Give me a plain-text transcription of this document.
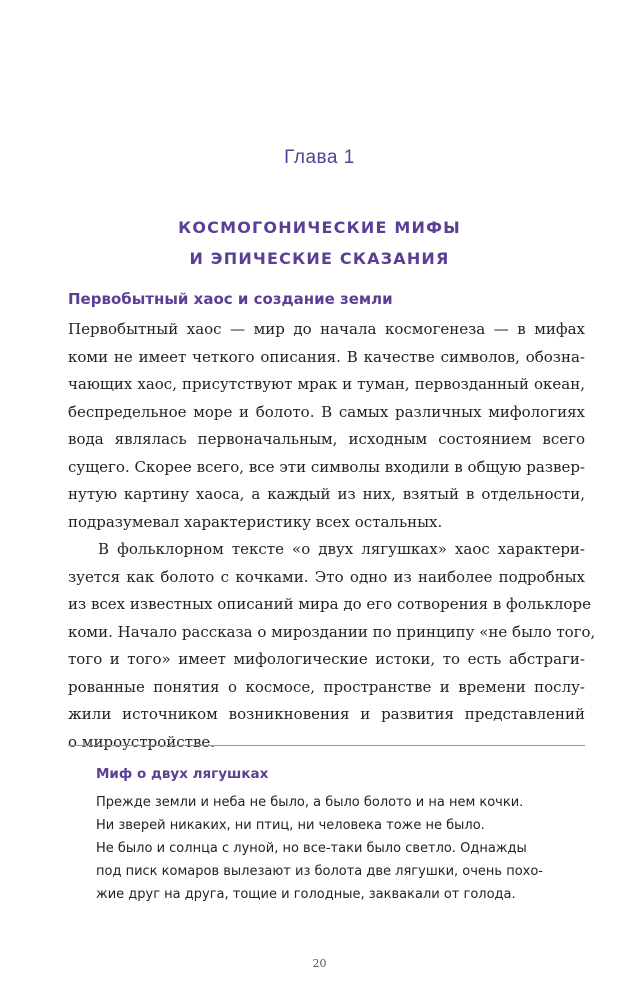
Глава 1
КОСМОГОНИЧЕСКИЕ МИФЫ
И ЭПИЧЕСКИЕ СКАЗАНИЯ
Первобытный хаос и создание земли
Первобытный хаос — мир до начала космогенеза — в мифах
коми не имеет четкого описания. В качестве символов, обозна-
чающих хаос, присутствуют мрак и туман, первозданный океан,
беспредельное море и болото. В самых различных мифологиях
вода являлась первоначальным, исходным состоянием всего
сущего. Скорее всего, все эти символы входили в общую развер-
нутую картину хаоса, а каждый из них, взятый в отдельности,
подразумевал характеристику всех остальных.
В фольклорном тексте «о двух лягушках» хаос характери-
зуется как болото с кочками. Это одно из наиболее подробных
из всех известных описаний мира до его сотворения в фольклоре
коми. Начало рассказа о мироздании по принципу «не было того,
того и того» имеет мифологические истоки, то есть абстраги-
рованные понятия о космосе, пространстве и времени послу-
жили источником возникновения и развития представлений
о мироустройстве.
Миф о двух лягушках
Прежде земли и неба не было, а было болото и на нем кочки.
Ни зверей никаких, ни птиц, ни человека тоже не было.
Не было и солнца с луной, но все-таки было светло. Однажды
под писк комаров вылезают из болота две лягушки, очень похо-
жие друг на друга, тощие и голодные, заквакали от голода.
20
